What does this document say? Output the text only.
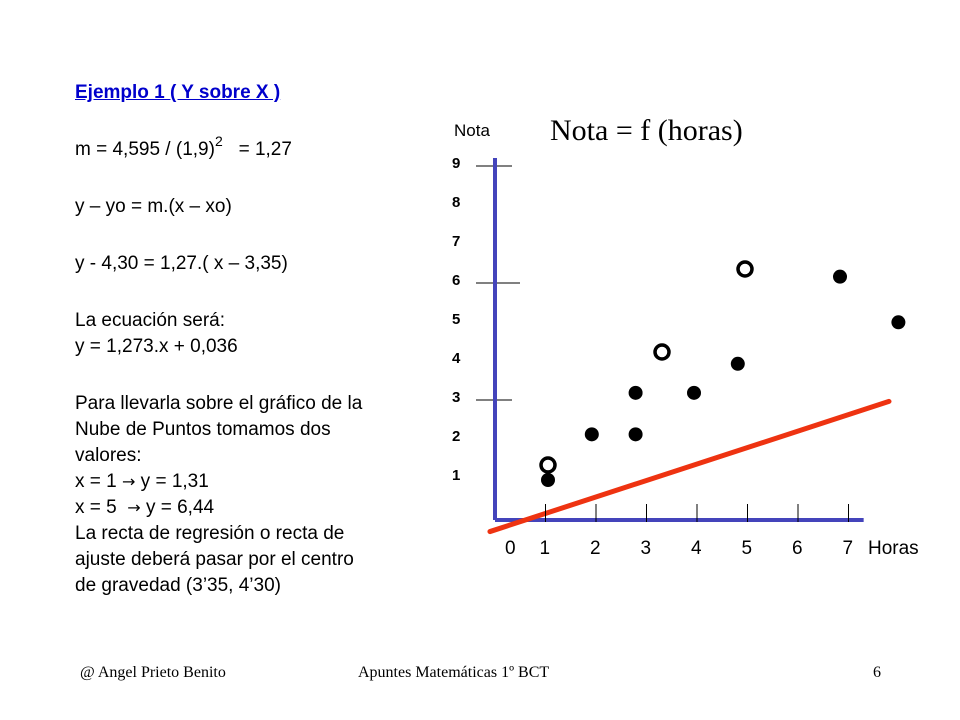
Ejemplo 1 ( Y sobre X )
$m = 4,595 / (1,9)^2 = 1,27$
y – yo = m.(x – xo)
y - 4,30 = 1,27.( x – 3,35)
La ecuación será:
y = 1,273.x + 0,036
Para llevarla sobre el gráfico de la
Nube de Puntos tomamos dos
valores:
x = 1 → y = 1,31
x = 5  → y = 6,44
La recta de regresión o recta de
ajuste deberá pasar por el centro
de gravedad (3’35, 4’30)
Nota = f (horas)
Nota
Horas
0 1 2 3 4 5 6 7
1
2
3
4
5
6
7
8
9
@ Angel Prieto Benito	Apuntes Matemáticas 1º BCT	6
